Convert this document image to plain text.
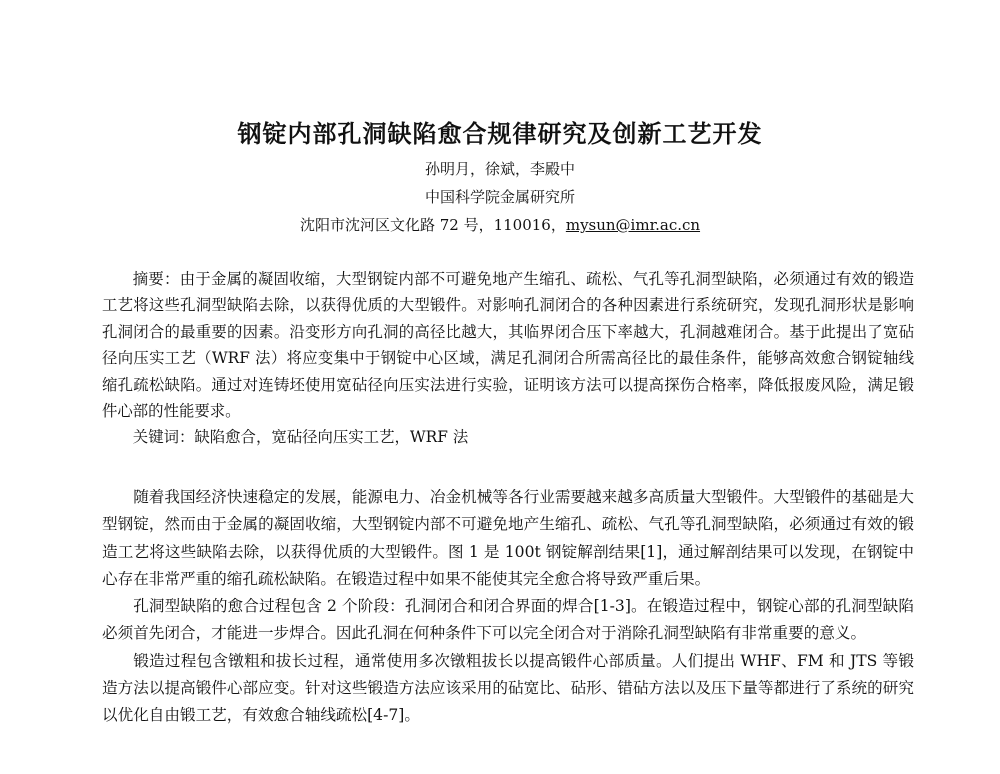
钢锭内部孔洞缺陷愈合规律研究及创新工艺开发
孙明月，徐斌，李殿中
中国科学院金属研究所
沈阳市沈河区文化路 72 号，110016，mysun@imr.ac.cn

摘要：由于金属的凝固收缩，大型钢锭内部不可避免地产生缩孔、疏松、气孔等孔洞型缺陷，必须通过有效的锻造工艺将这些孔洞型缺陷去除，以获得优质的大型锻件。对影响孔洞闭合的各种因素进行系统研究，发现孔洞形状是影响孔洞闭合的最重要的因素。沿变形方向孔洞的高径比越大，其临界闭合压下率越大，孔洞越难闭合。基于此提出了宽砧径向压实工艺（WRF 法）将应变集中于钢锭中心区域，满足孔洞闭合所需高径比的最佳条件，能够高效愈合钢锭轴线缩孔疏松缺陷。通过对连铸坯使用宽砧径向压实法进行实验，证明该方法可以提高探伤合格率，降低报废风险，满足锻件心部的性能要求。

关键词：缺陷愈合，宽砧径向压实工艺，WRF 法

随着我国经济快速稳定的发展，能源电力、冶金机械等各行业需要越来越多高质量大型锻件。大型锻件的基础是大型钢锭，然而由于金属的凝固收缩，大型钢锭内部不可避免地产生缩孔、疏松、气孔等孔洞型缺陷，必须通过有效的锻造工艺将这些缺陷去除，以获得优质的大型锻件。图 1 是 100t 钢锭解剖结果[1]，通过解剖结果可以发现，在钢锭中心存在非常严重的缩孔疏松缺陷。在锻造过程中如果不能使其完全愈合将导致严重后果。

孔洞型缺陷的愈合过程包含 2 个阶段：孔洞闭合和闭合界面的焊合[1-3]。在锻造过程中，钢锭心部的孔洞型缺陷必须首先闭合，才能进一步焊合。因此孔洞在何种条件下可以完全闭合对于消除孔洞型缺陷有非常重要的意义。

锻造过程包含镦粗和拔长过程，通常使用多次镦粗拔长以提高锻件心部质量。人们提出 WHF、FM 和 JTS 等锻造方法以提高锻件心部应变。针对这些锻造方法应该采用的砧宽比、砧形、错砧方法以及压下量等都进行了系统的研究以优化自由锻工艺，有效愈合轴线疏松[4-7]。
